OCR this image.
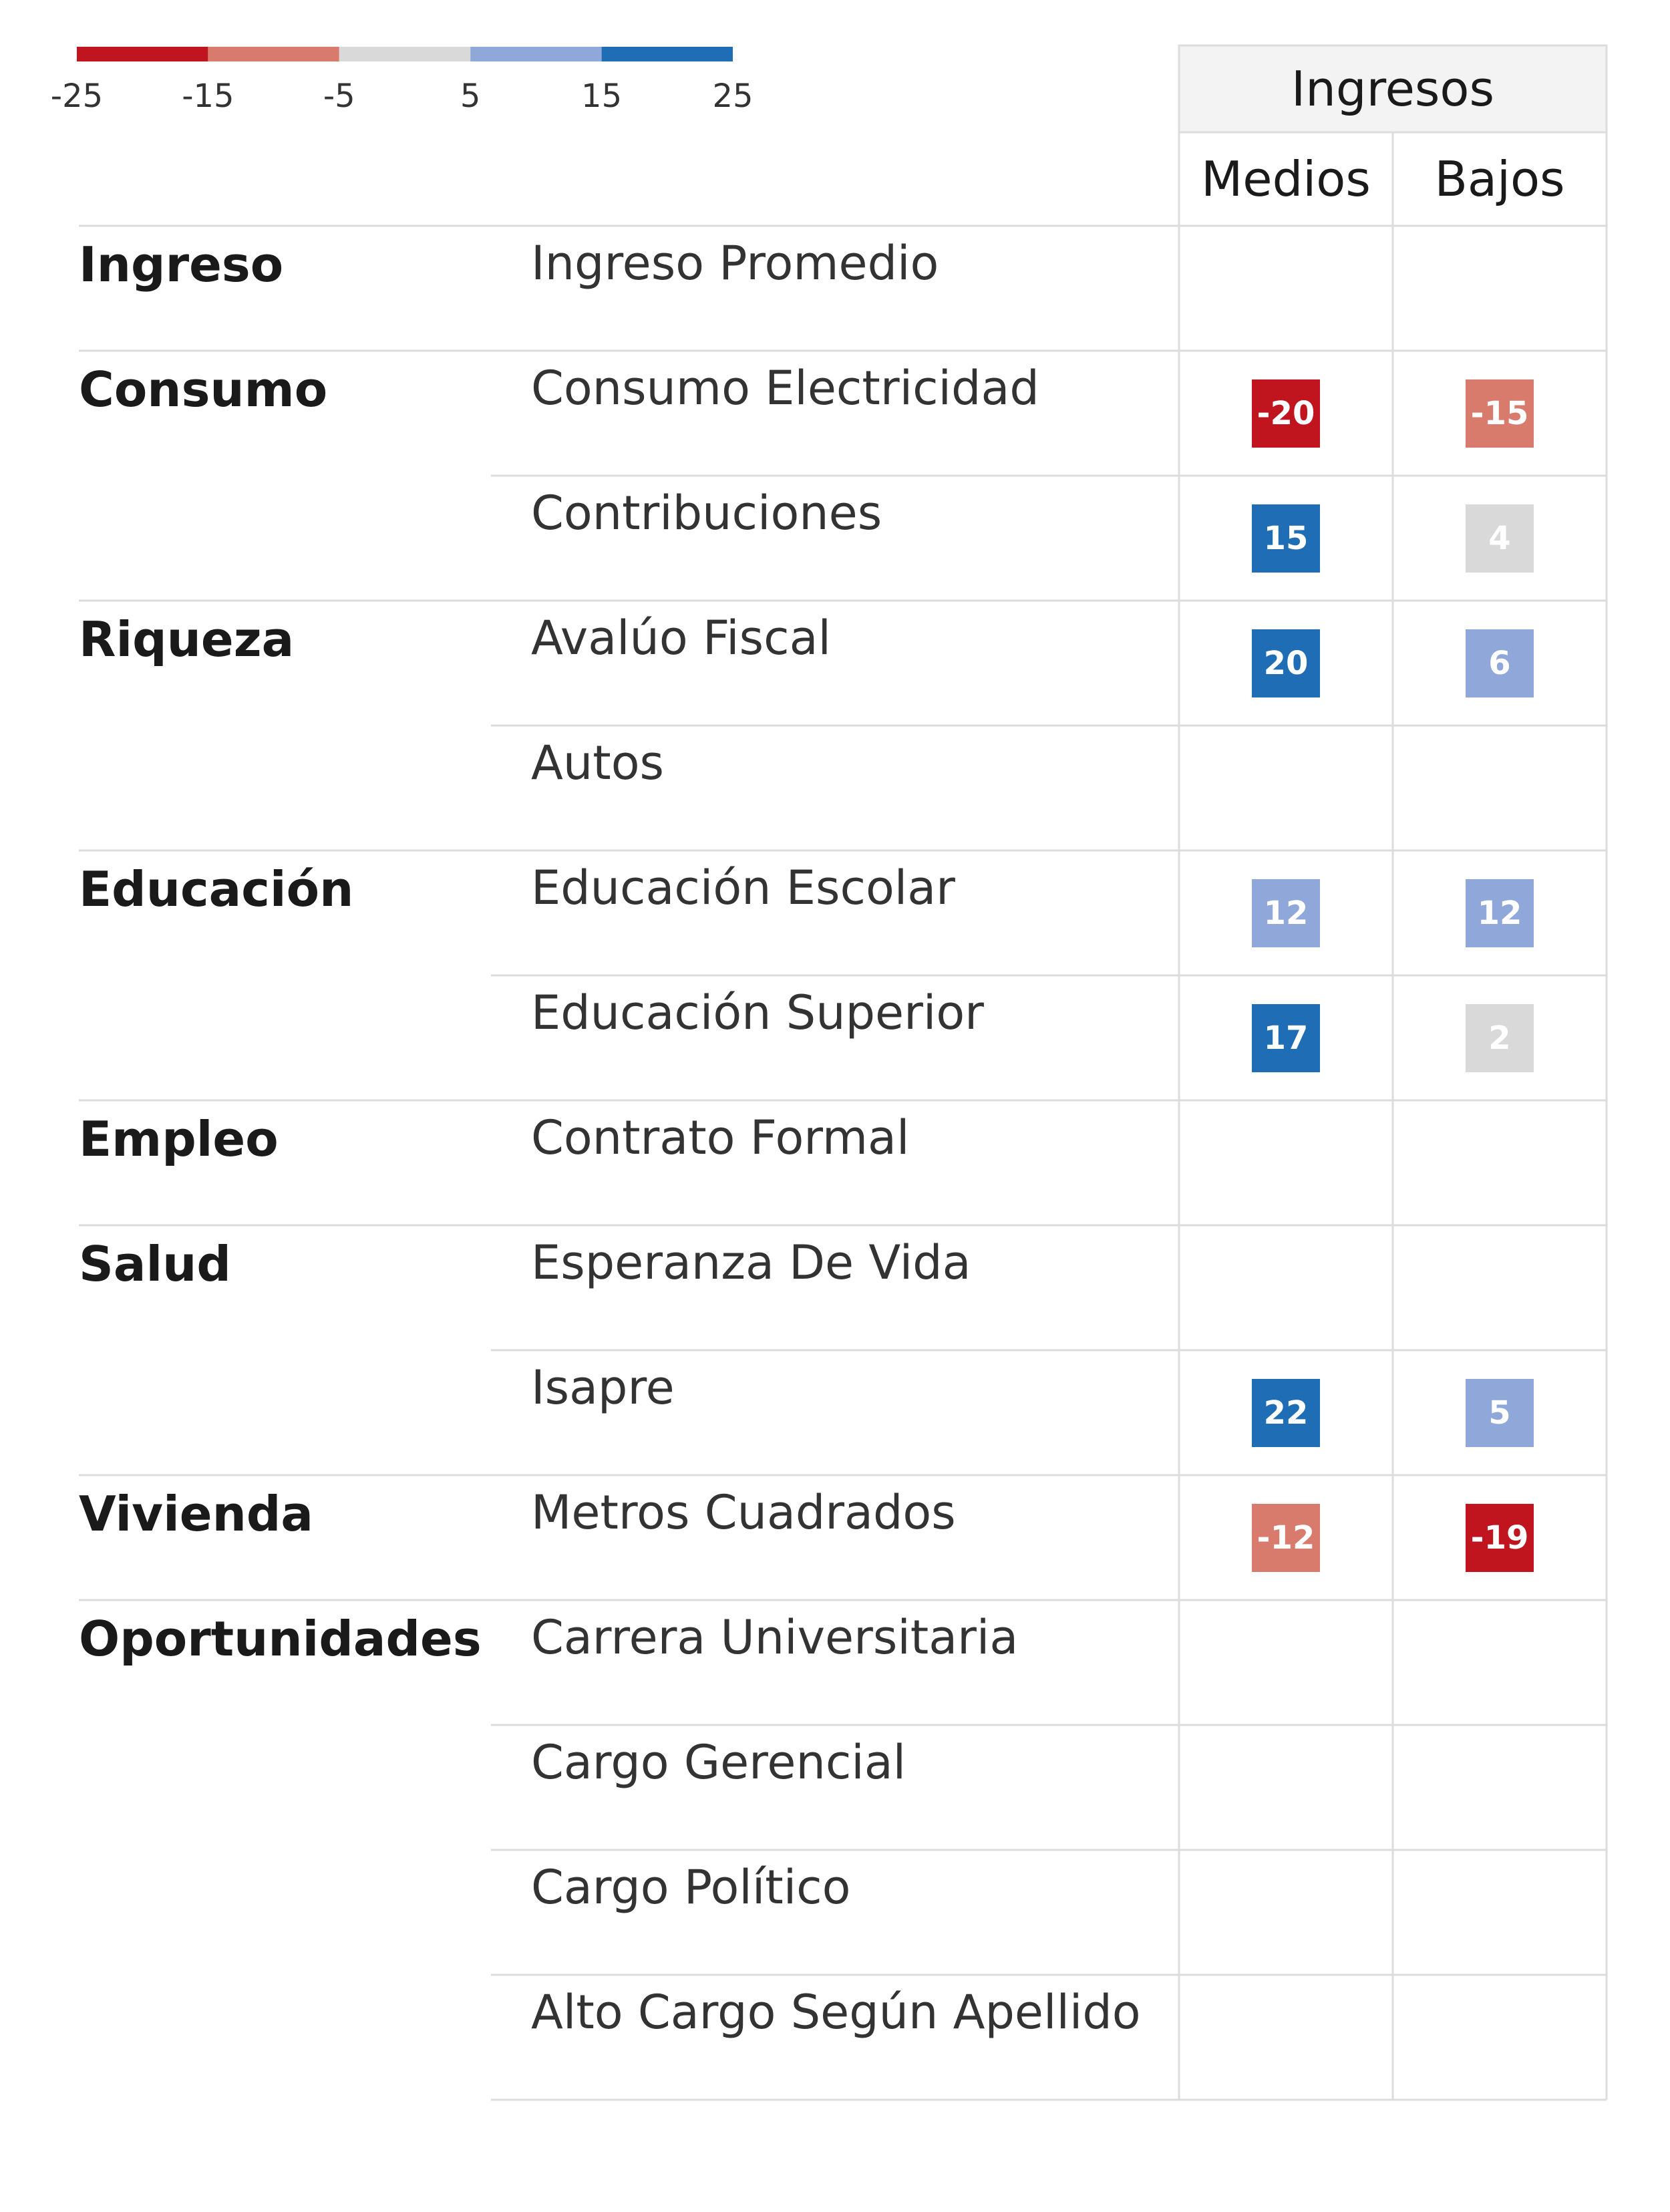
-25 -15	-5	5	15	25	Ingresos
Medios Bajos
Ingreso	Ingreso Promedio
Consumo	Consumo Electricidad	-20	-15
Contribuciones	15	4
Riqueza	Avalúo Fiscal	20	6
Autos
Educación	Educación Escolar	12	12
Educación Superior	17	2
Empleo	Contrato Formal
Salud	Esperanza De Vida
Isapre	22	5
Vivienda	Metros Cuadrados	-12	-19
Oportunidades Carrera Universitaria
Cargo Gerencial
Cargo Político
Alto Cargo Según Apellido
